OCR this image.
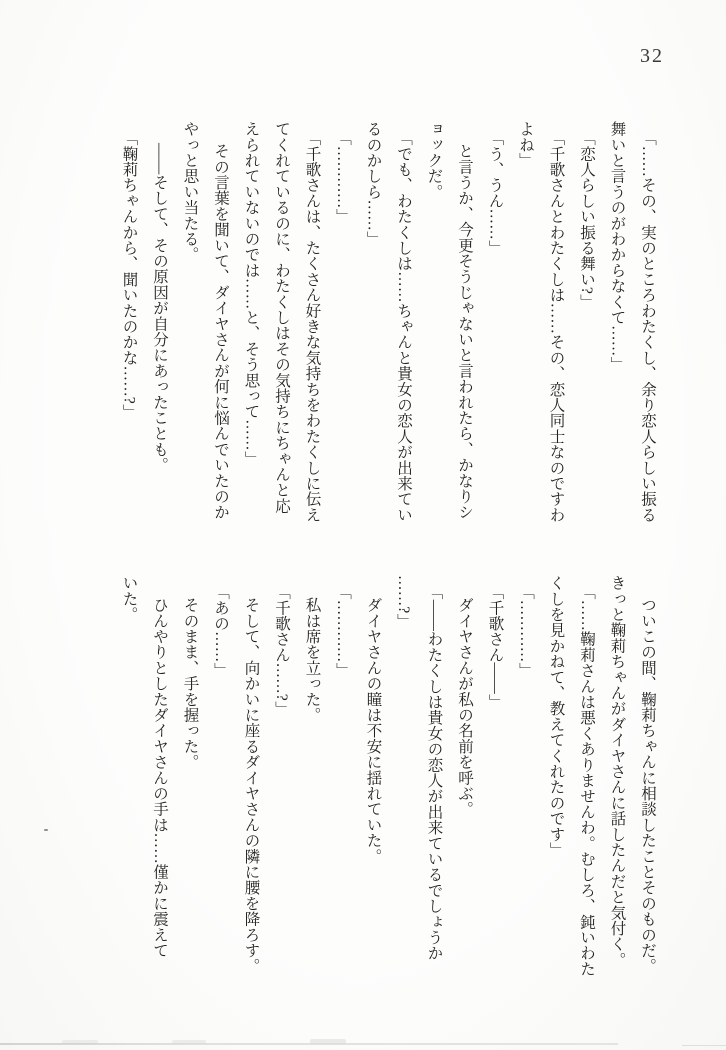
32

「……その、実のところわたくし、余り恋人らしい振る

舞いと言うのがわからなくて……」

「恋人らしい振る舞い?」

「千歌さんとわたくしは……その、恋人同士なのですわ

よね」

「う、うん……」

と言うか、今更そうじゃないと言われたら、かなりシ

ョックだ。

「でも、わたくしは……ちゃんと貴女の恋人が出来てい

るのかしら……」

「…………」

「千歌さんは、たくさん好きな気持ちをわたくしに伝え

てくれているのに、わたくしはその気持ちにちゃんと応

えられていないのでは……と、そう思って……」

その言葉を聞いて、ダイヤさんが何に悩んでいたのか

やっと思い当たる。

――そして、その原因が自分にあったことも。

「鞠莉ちゃんから、聞いたのかな……?」

ついこの間、鞠莉ちゃんに相談したことそのものだ。

きっと鞠莉ちゃんがダイヤさんに話したんだと気付く。

「……鞠莉さんは悪くありませんわ。むしろ、鈍いわた

くしを見かねて、教えてくれたのです」

「…………」

「千歌さん――」

ダイヤさんが私の名前を呼ぶ。

「――わたくしは貴女の恋人が出来ているでしょうか

……?」

ダイヤさんの瞳は不安に揺れていた。

「…………」

私は席を立った。

「千歌さん……?」

そして、向かいに座るダイヤさんの隣に腰を降ろす。

「あの……」

そのまま、手を握った。

ひんやりとしたダイヤさんの手は……僅かに震えて

いた。
